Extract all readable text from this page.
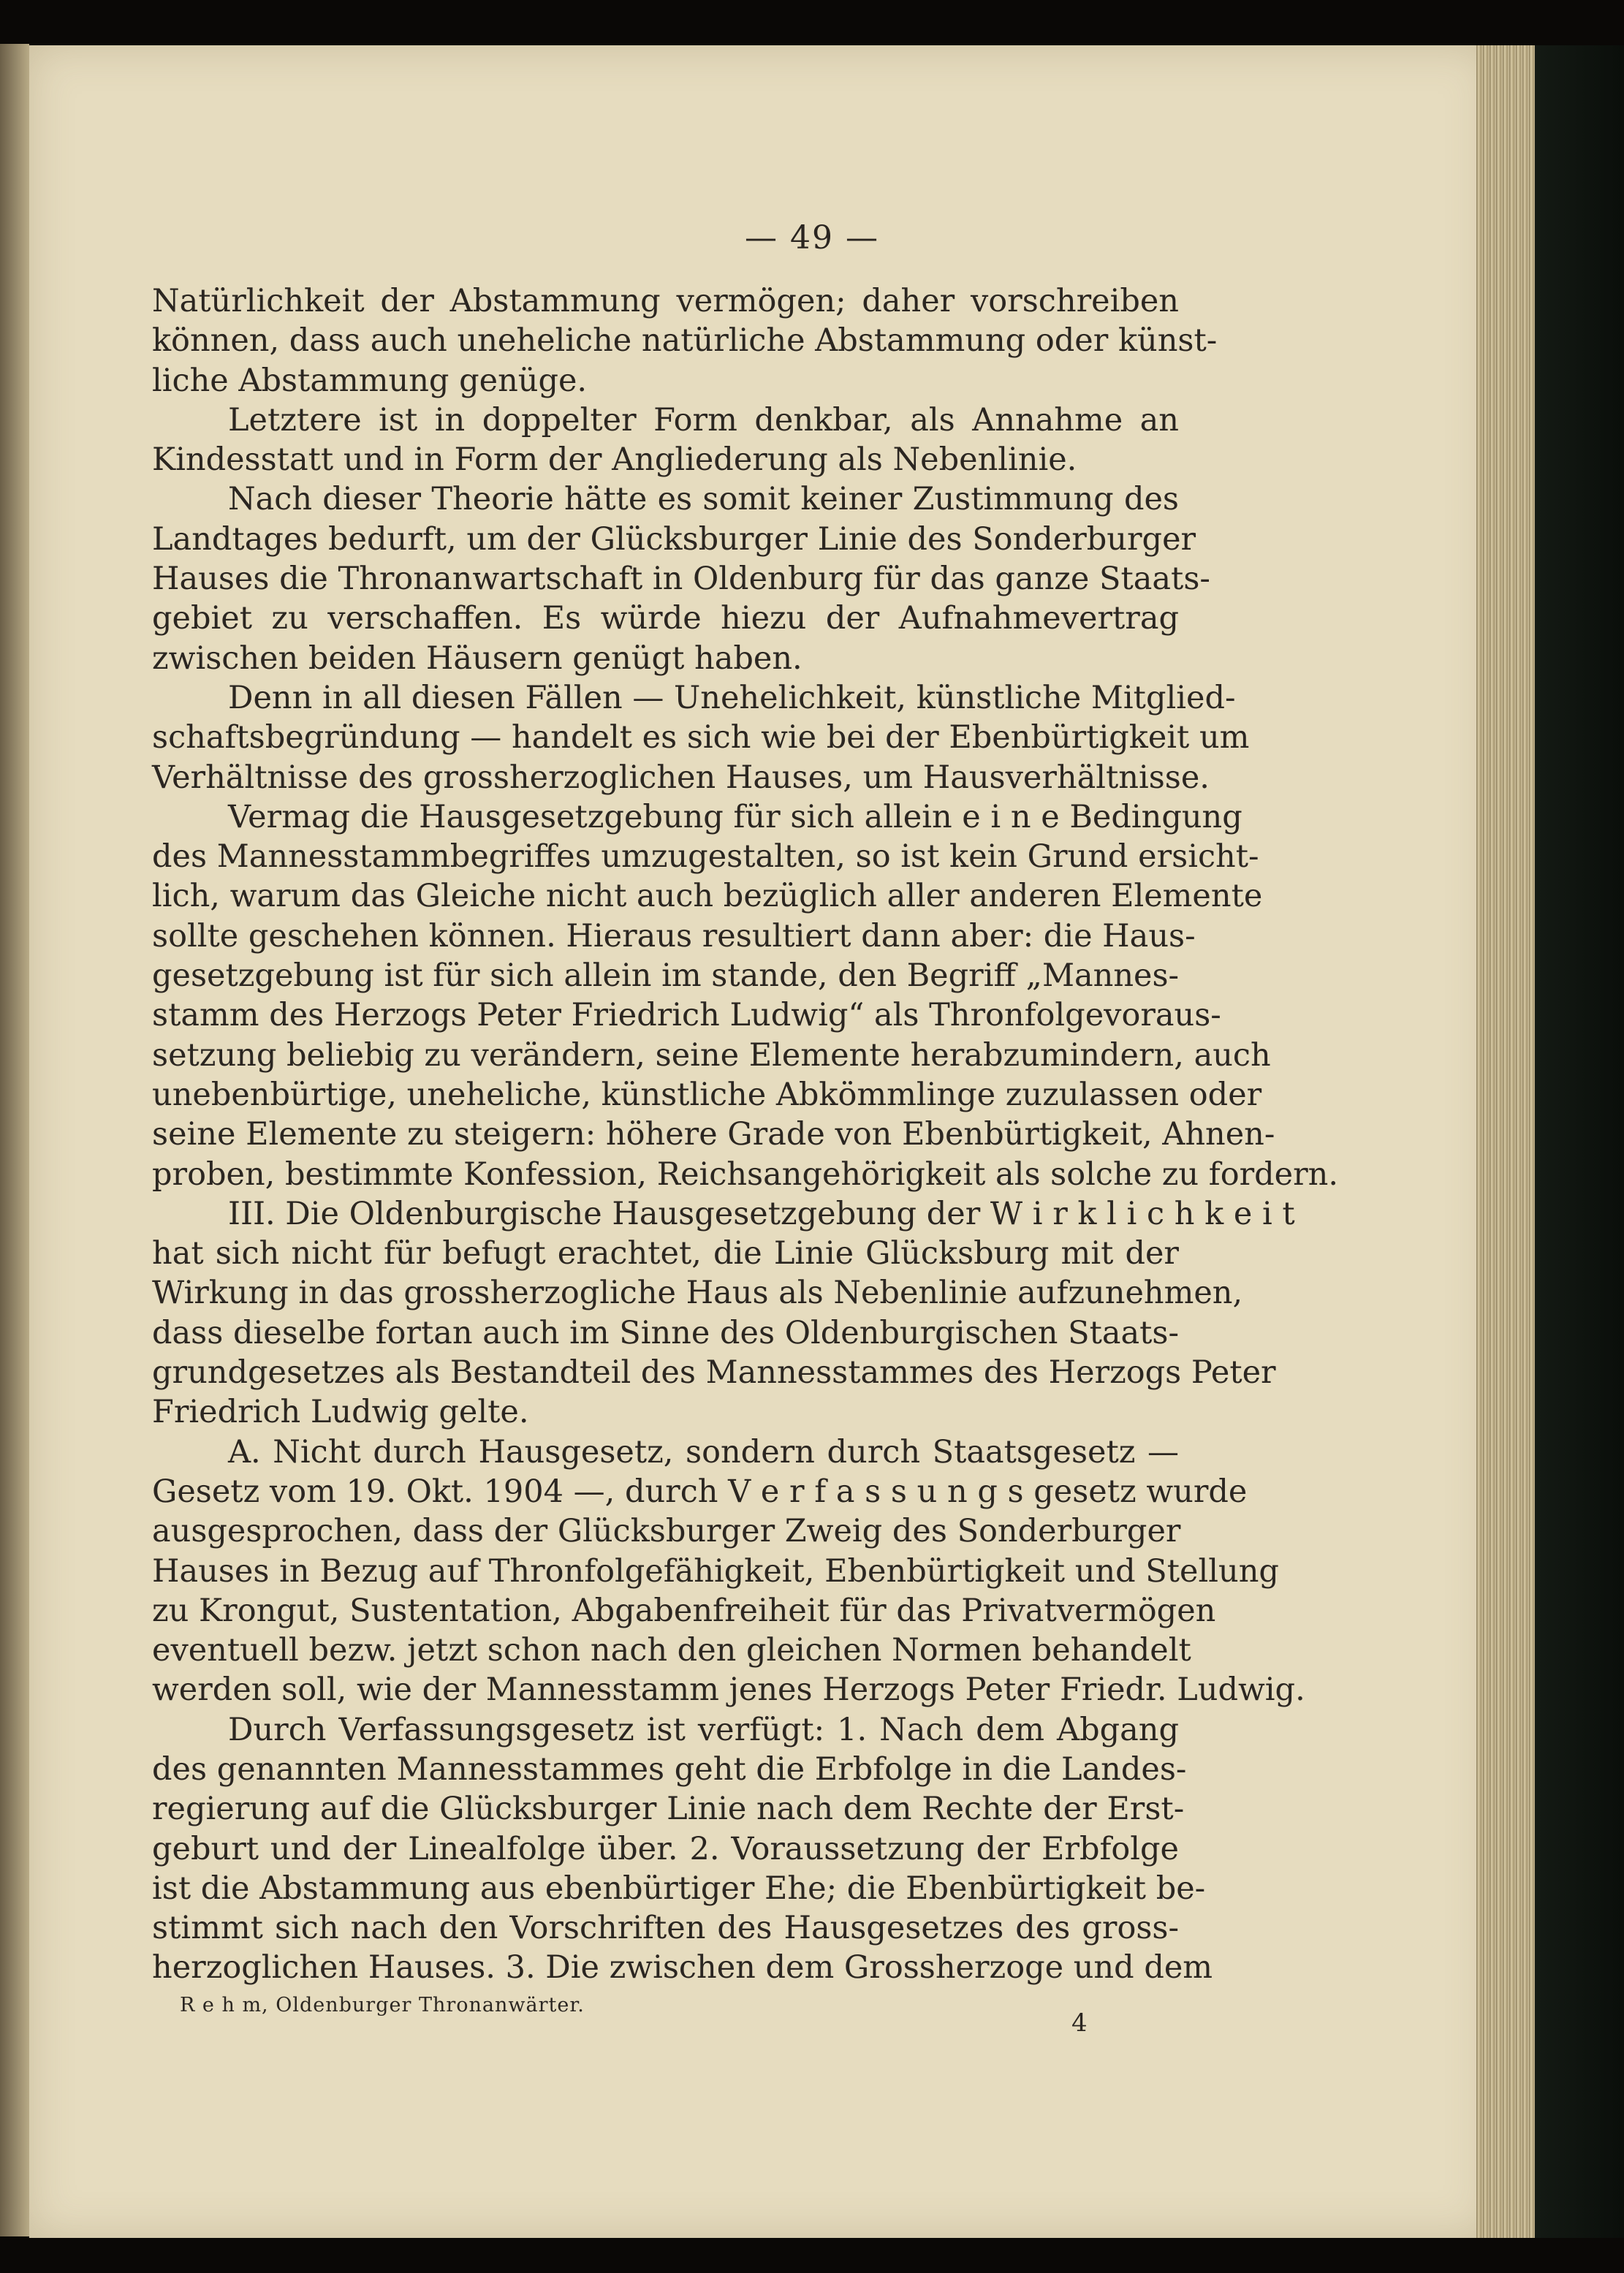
— 49 —
Natürlichkeit der Abstammung vermögen; daher vorschreiben
können, dass auch uneheliche natürliche Abstammung oder künst-
liche Abstammung genüge.
Letztere ist in doppelter Form denkbar, als Annahme an
Kindesstatt und in Form der Angliederung als Nebenlinie.
Nach dieser Theorie hätte es somit keiner Zustimmung des
Landtages bedurft, um der Glücksburger Linie des Sonderburger
Hauses die Thronanwartschaft in Oldenburg für das ganze Staats-
gebiet zu verschaffen. Es würde hiezu der Aufnahmevertrag
zwischen beiden Häusern genügt haben.
Denn in all diesen Fällen — Unehelichkeit, künstliche Mitglied-
schaftsbegründung — handelt es sich wie bei der Ebenbürtigkeit um
Verhältnisse des grossherzoglichen Hauses, um Hausverhältnisse.
Vermag die Hausgesetzgebung für sich allein e i n e Bedingung
des Mannesstammbegriffes umzugestalten, so ist kein Grund ersicht-
lich, warum das Gleiche nicht auch bezüglich aller anderen Elemente
sollte geschehen können. Hieraus resultiert dann aber: die Haus-
gesetzgebung ist für sich allein im stande, den Begriff „Mannes-
stamm des Herzogs Peter Friedrich Ludwig“ als Thronfolgevoraus-
setzung beliebig zu verändern, seine Elemente herabzumindern, auch
unebenbürtige, uneheliche, künstliche Abkömmlinge zuzulassen oder
seine Elemente zu steigern: höhere Grade von Ebenbürtigkeit, Ahnen-
proben, bestimmte Konfession, Reichsangehörigkeit als solche zu fordern.
III. Die Oldenburgische Hausgesetzgebung der W i r k l i c h k e i t
hat sich nicht für befugt erachtet, die Linie Glücksburg mit der
Wirkung in das grossherzogliche Haus als Nebenlinie aufzunehmen,
dass dieselbe fortan auch im Sinne des Oldenburgischen Staats-
grundgesetzes als Bestandteil des Mannesstammes des Herzogs Peter
Friedrich Ludwig gelte.
A. Nicht durch Hausgesetz, sondern durch Staatsgesetz —
Gesetz vom 19. Okt. 1904 —, durch V e r f a s s u n g s gesetz wurde
ausgesprochen, dass der Glücksburger Zweig des Sonderburger
Hauses in Bezug auf Thronfolgefähigkeit, Ebenbürtigkeit und Stellung
zu Krongut, Sustentation, Abgabenfreiheit für das Privatvermögen
eventuell bezw. jetzt schon nach den gleichen Normen behandelt
werden soll, wie der Mannesstamm jenes Herzogs Peter Friedr. Ludwig.
Durch Verfassungsgesetz ist verfügt: 1. Nach dem Abgang
des genannten Mannesstammes geht die Erbfolge in die Landes-
regierung auf die Glücksburger Linie nach dem Rechte der Erst-
geburt und der Linealfolge über. 2. Voraussetzung der Erbfolge
ist die Abstammung aus ebenbürtiger Ehe; die Ebenbürtigkeit be-
stimmt sich nach den Vorschriften des Hausgesetzes des gross-
herzoglichen Hauses. 3. Die zwischen dem Grossherzoge und dem
R e h m, Oldenburger Thronanwärter.
4
